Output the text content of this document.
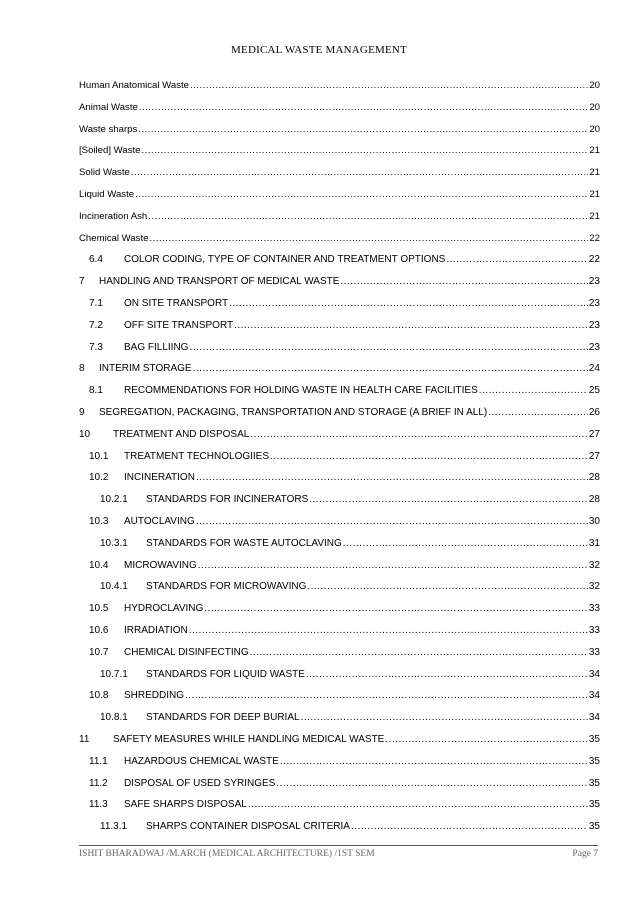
MEDICAL WASTE MANAGEMENT
Human Anatomical Waste .....	20
Animal Waste .....	20
Waste sharps .....	20
[Soiled] Waste .....	21
Solid Waste .....	21
Liquid Waste .....	21
Incineration Ash .....	21
Chemical Waste .....	22
6.4	COLOR CODING, TYPE OF CONTAINER AND TREATMENT OPTIONS .....	22
7	HANDLING AND TRANSPORT OF MEDICAL WASTE .....	23
7.1	ON SITE TRANSPORT .....	23
7.2	OFF SITE TRANSPORT .....	23
7.3	BAG FILLIING .....	23
8	INTERIM STORAGE .....	24
8.1	RECOMMENDATIONS FOR HOLDING WASTE IN HEALTH CARE FACILITIES .....	25
9	SEGREGATION, PACKAGING, TRANSPORTATION AND STORAGE (A BRIEF IN ALL) .....	26
10	TREATMENT AND DISPOSAL .....	27
10.1	TREATMENT TECHNOLOGIIES .....	27
10.2	INCINERATION .....	28
10.2.1	STANDARDS FOR INCINERATORS .....	28
10.3	AUTOCLAVING .....	30
10.3.1	STANDARDS FOR WASTE AUTOCLAVING .....	31
10.4	MICROWAVING .....	32
10.4.1	STANDARDS FOR MICROWAVING .....	32
10.5	HYDROCLAVING .....	33
10.6	IRRADIATION .....	33
10.7	CHEMICAL DISINFECTING .....	33
10.7.1	STANDARDS FOR LIQUID WASTE .....	34
10.8	SHREDDING .....	34
10.8.1	STANDARDS FOR DEEP BURIAL .....	34
11	SAFETY MEASURES WHILE HANDLING MEDICAL WASTE .....	35
11.1	HAZARDOUS CHEMICAL WASTE .....	35
11.2	DISPOSAL OF USED SYRINGES .....	35
11.3	SAFE SHARPS DISPOSAL .....	35
11.3.1	SHARPS CONTAINER DISPOSAL CRITERIA .....	35
ISHIT BHARADWAJ /M.ARCH (MEDICAL ARCHITECTURE) /1ST SEM	Page 7
